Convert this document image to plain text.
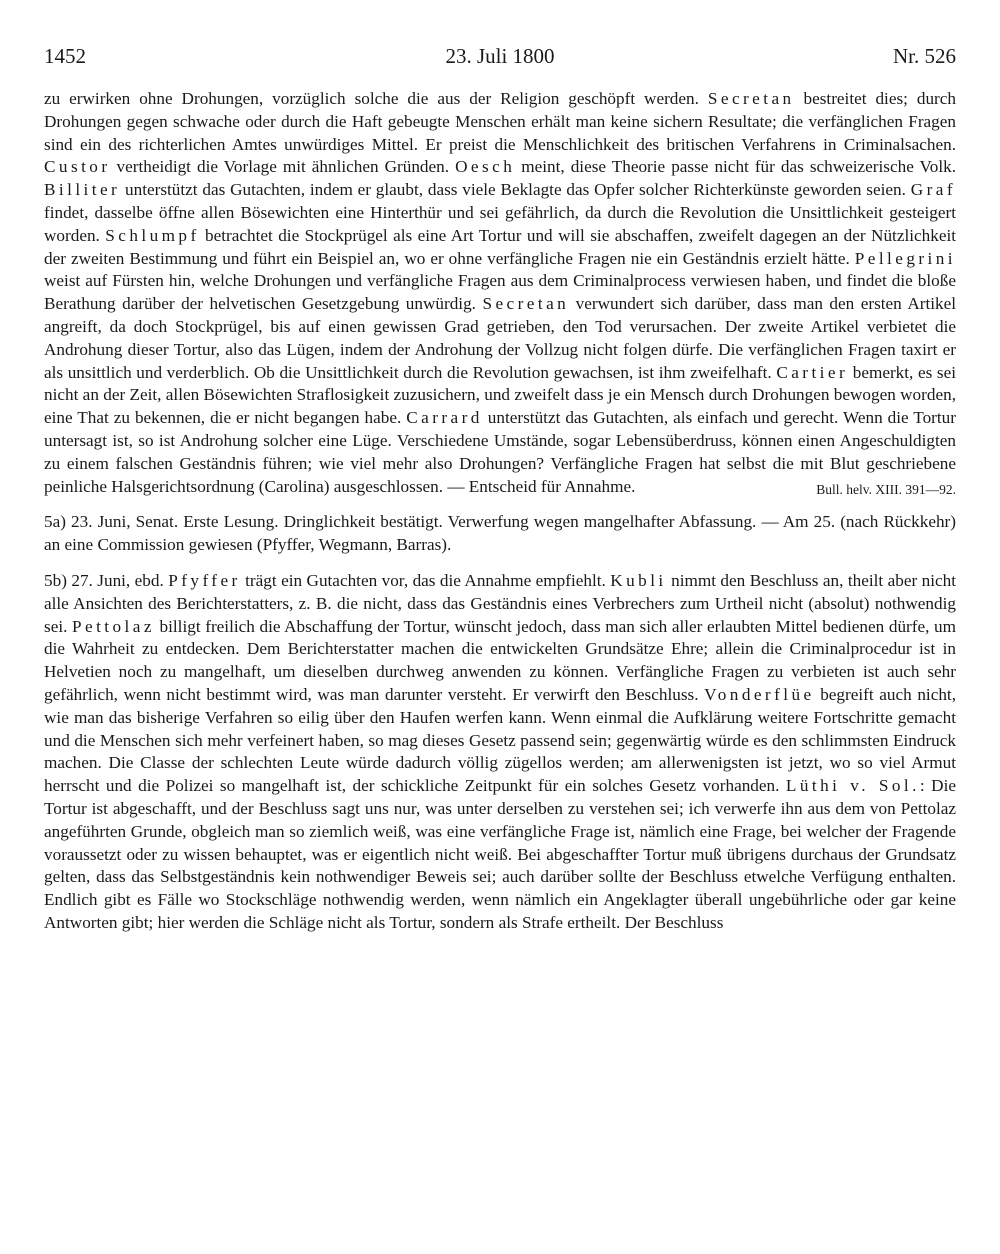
1452	23. Juli 1800	Nr. 526

zu erwirken ohne Drohungen, vorzüglich solche die aus der Religion geschöpft werden. Secretan bestreitet dies; durch Drohungen gegen schwache oder durch die Haft gebeugte Menschen erhält man keine sichern Resultate; die verfänglichen Fragen sind ein des richterlichen Amtes unwürdiges Mittel. Er preist die Menschlichkeit des britischen Verfahrens in Criminalsachen. Custor vertheidigt die Vorlage mit ähnlichen Gründen. Oesch meint, diese Theorie passe nicht für das schweizerische Volk. Billiter unterstützt das Gutachten, indem er glaubt, dass viele Beklagte das Opfer solcher Richterkünste geworden seien. Graf findet, dasselbe öffne allen Bösewichten eine Hinterthür und sei gefährlich, da durch die Revolution die Unsittlichkeit gesteigert worden. Schlumpf betrachtet die Stockprügel als eine Art Tortur und will sie abschaffen, zweifelt dagegen an der Nützlichkeit der zweiten Bestimmung und führt ein Beispiel an, wo er ohne verfängliche Fragen nie ein Geständnis erzielt hätte. Pellegrini weist auf Fürsten hin, welche Drohungen und verfängliche Fragen aus dem Criminalprocess verwiesen haben, und findet die bloße Berathung darüber der helvetischen Gesetzgebung unwürdig. Secretan verwundert sich darüber, dass man den ersten Artikel angreift, da doch Stockprügel, bis auf einen gewissen Grad getrieben, den Tod verursachen. Der zweite Artikel verbietet die Androhung dieser Tortur, also das Lügen, indem der Androhung der Vollzug nicht folgen dürfe. Die verfänglichen Fragen taxirt er als unsittlich und verderblich. Ob die Unsittlichkeit durch die Revolution gewachsen, ist ihm zweifelhaft. Cartier bemerkt, es sei nicht an der Zeit, allen Bösewichten Straflosigkeit zuzusichern, und zweifelt dass je ein Mensch durch Drohungen bewogen worden, eine That zu bekennen, die er nicht begangen habe. Carrard unterstützt das Gutachten, als einfach und gerecht. Wenn die Tortur untersagt ist, so ist Androhung solcher eine Lüge. Verschiedene Umstände, sogar Lebensüberdruss, können einen Angeschuldigten zu einem falschen Geständnis führen; wie viel mehr also Drohungen? Verfängliche Fragen hat selbst die mit Blut geschriebene peinliche Halsgerichtsordnung (Carolina) ausgeschlossen. — Entscheid für Annahme.	Bull. helv. XIII. 391—92.

5a) 23. Juni, Senat. Erste Lesung. Dringlichkeit bestätigt. Verwerfung wegen mangelhafter Abfassung. — Am 25. (nach Rückkehr) an eine Commission gewiesen (Pfyffer, Wegmann, Barras).

5b) 27. Juni, ebd. Pfyffer trägt ein Gutachten vor, das die Annahme empfiehlt. Kubli nimmt den Beschluss an, theilt aber nicht alle Ansichten des Berichterstatters, z. B. die nicht, dass das Geständnis eines Verbrechers zum Urtheil nicht (absolut) nothwendig sei. Pettolaz billigt freilich die Abschaffung der Tortur, wünscht jedoch, dass man sich aller erlaubten Mittel bedienen dürfe, um die Wahrheit zu entdecken. Dem Berichterstatter machen die entwickelten Grundsätze Ehre; allein die Criminalprocedur ist in Helvetien noch zu mangelhaft, um dieselben durchweg anwenden zu können. Verfängliche Fragen zu verbieten ist auch sehr gefährlich, wenn nicht bestimmt wird, was man darunter versteht. Er verwirft den Beschluss. Vonderflüe begreift auch nicht, wie man das bisherige Verfahren so eilig über den Haufen werfen kann. Wenn einmal die Aufklärung weitere Fortschritte gemacht und die Menschen sich mehr verfeinert haben, so mag dieses Gesetz passend sein; gegenwärtig würde es den schlimmsten Eindruck machen. Die Classe der schlechten Leute würde dadurch völlig zügellos werden; am allerwenigsten ist jetzt, wo so viel Armut herrscht und die Polizei so mangelhaft ist, der schickliche Zeitpunkt für ein solches Gesetz vorhanden. Lüthi v. Sol.: Die Tortur ist abgeschafft, und der Beschluss sagt uns nur, was unter derselben zu verstehen sei; ich verwerfe ihn aus dem von Pettolaz angeführten Grunde, obgleich man so ziemlich weiß, was eine verfängliche Frage ist, nämlich eine Frage, bei welcher der Fragende voraussetzt oder zu wissen behauptet, was er eigentlich nicht weiß. Bei abgeschaffter Tortur muß übrigens durchaus der Grundsatz gelten, dass das Selbstgeständnis kein nothwendiger Beweis sei; auch darüber sollte der Beschluss etwelche Verfügung enthalten. Endlich gibt es Fälle wo Stockschläge nothwendig werden, wenn nämlich ein Angeklagter überall ungebührliche oder gar keine Antworten gibt; hier werden die Schläge nicht als Tortur, sondern als Strafe ertheilt. Der Beschluss
